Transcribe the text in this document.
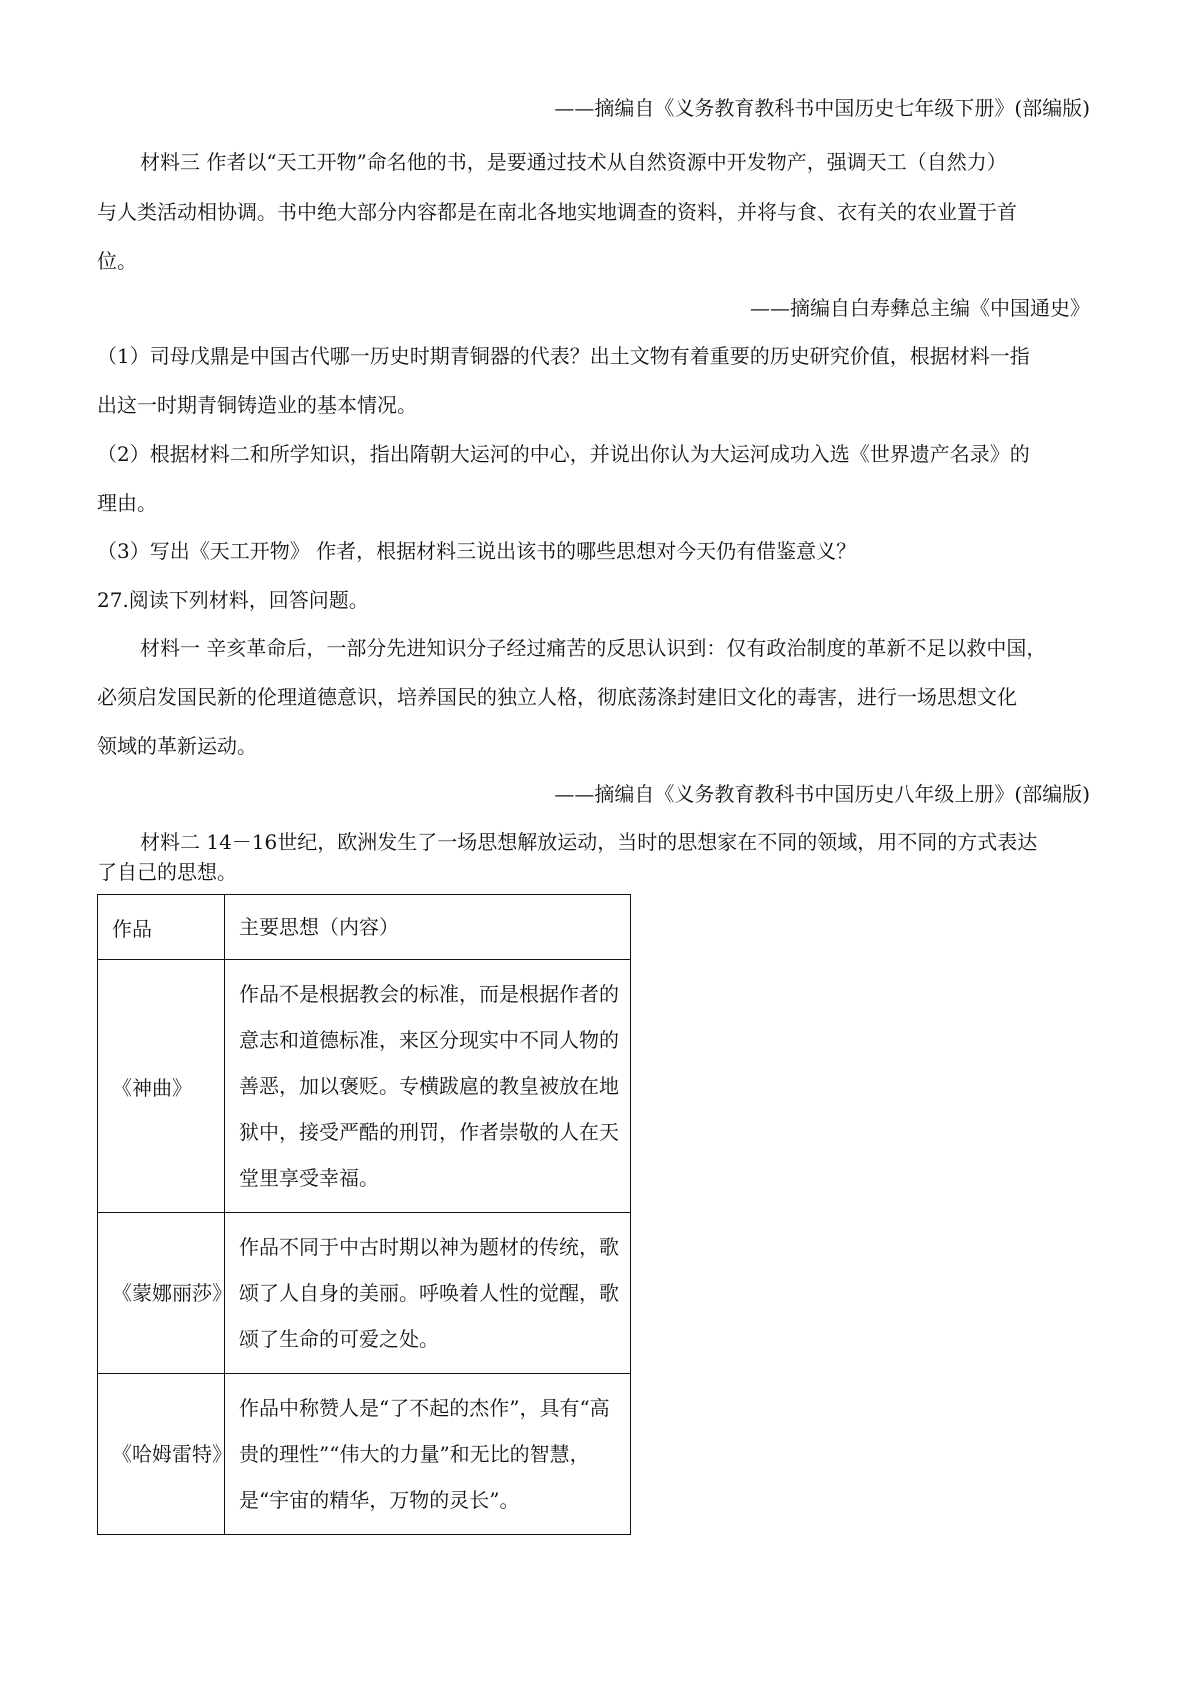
——摘编自《义务教育教科书中国历史七年级下册》(部编版)
材料三 作者以“天工开物”命名他的书，是要通过技术从自然资源中开发物产，强调天工（自然力）
与人类活动相协调。书中绝大部分内容都是在南北各地实地调查的资料，并将与食、衣有关的农业置于首
位。
——摘编自白寿彝总主编《中国通史》
（1）司母戊鼎是中国古代哪一历史时期青铜器的代表？出土文物有着重要的历史研究价值，根据材料一指
出这一时期青铜铸造业的基本情况。
（2）根据材料二和所学知识，指出隋朝大运河的中心，并说出你认为大运河成功入选《世界遗产名录》的
理由。
（3）写出《天工开物》 作者，根据材料三说出该书的哪些思想对今天仍有借鉴意义？
27.阅读下列材料，回答问题。
材料一 辛亥革命后，一部分先进知识分子经过痛苦的反思认识到：仅有政治制度的革新不足以救中国，
必须启发国民新的伦理道德意识，培养国民的独立人格，彻底荡涤封建旧文化的毒害，进行一场思想文化
领域的革新运动。
——摘编自《义务教育教科书中国历史八年级上册》(部编版)
材料二 14－16世纪，欧洲发生了一场思想解放运动，当时的思想家在不同的领域，用不同的方式表达
了自己的思想。
作品	主要思想（内容）
《神曲》	作品不是根据教会的标准，而是根据作者的意志和道德标准，来区分现实中不同人物的善恶，加以褒贬。专横跋扈的教皇被放在地狱中，接受严酷的刑罚，作者崇敬的人在天堂里享受幸福。
《蒙娜丽莎》	作品不同于中古时期以神为题材的传统，歌颂了人自身的美丽。呼唤着人性的觉醒，歌颂了生命的可爱之处。
《哈姆雷特》	作品中称赞人是“了不起的杰作”，具有“高贵的理性”“伟大的力量”和无比的智慧，是“宇宙的精华，万物的灵长”。
